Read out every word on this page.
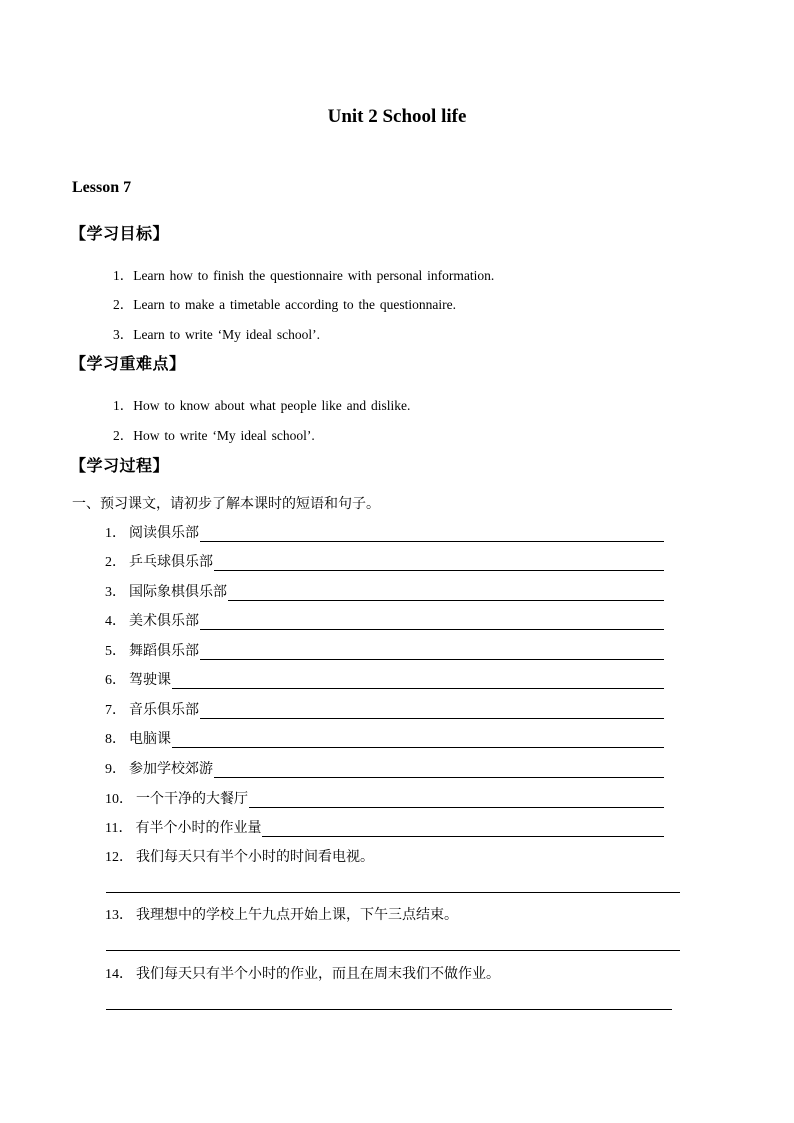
Unit 2 School life
Lesson 7
【学习目标】
1．Learn how to finish the questionnaire with personal information.
2．Learn to make a timetable according to the questionnaire.
3．Learn to write ‘My ideal school’.
【学习重难点】
1．How to know about what people like and dislike.
2．How to write ‘My ideal school’.
【学习过程】
一、预习课文，请初步了解本课时的短语和句子。
1． 阅读俱乐部
2． 乒乓球俱乐部
3． 国际象棋俱乐部
4． 美术俱乐部
5． 舞蹈俱乐部
6． 驾驶课
7． 音乐俱乐部
8． 电脑课
9． 参加学校郊游
10． 一个干净的大餐厅
11． 有半个小时的作业量
12． 我们每天只有半个小时的时间看电视。
13． 我理想中的学校上午九点开始上课，下午三点结束。
14． 我们每天只有半个小时的作业，而且在周末我们不做作业。
